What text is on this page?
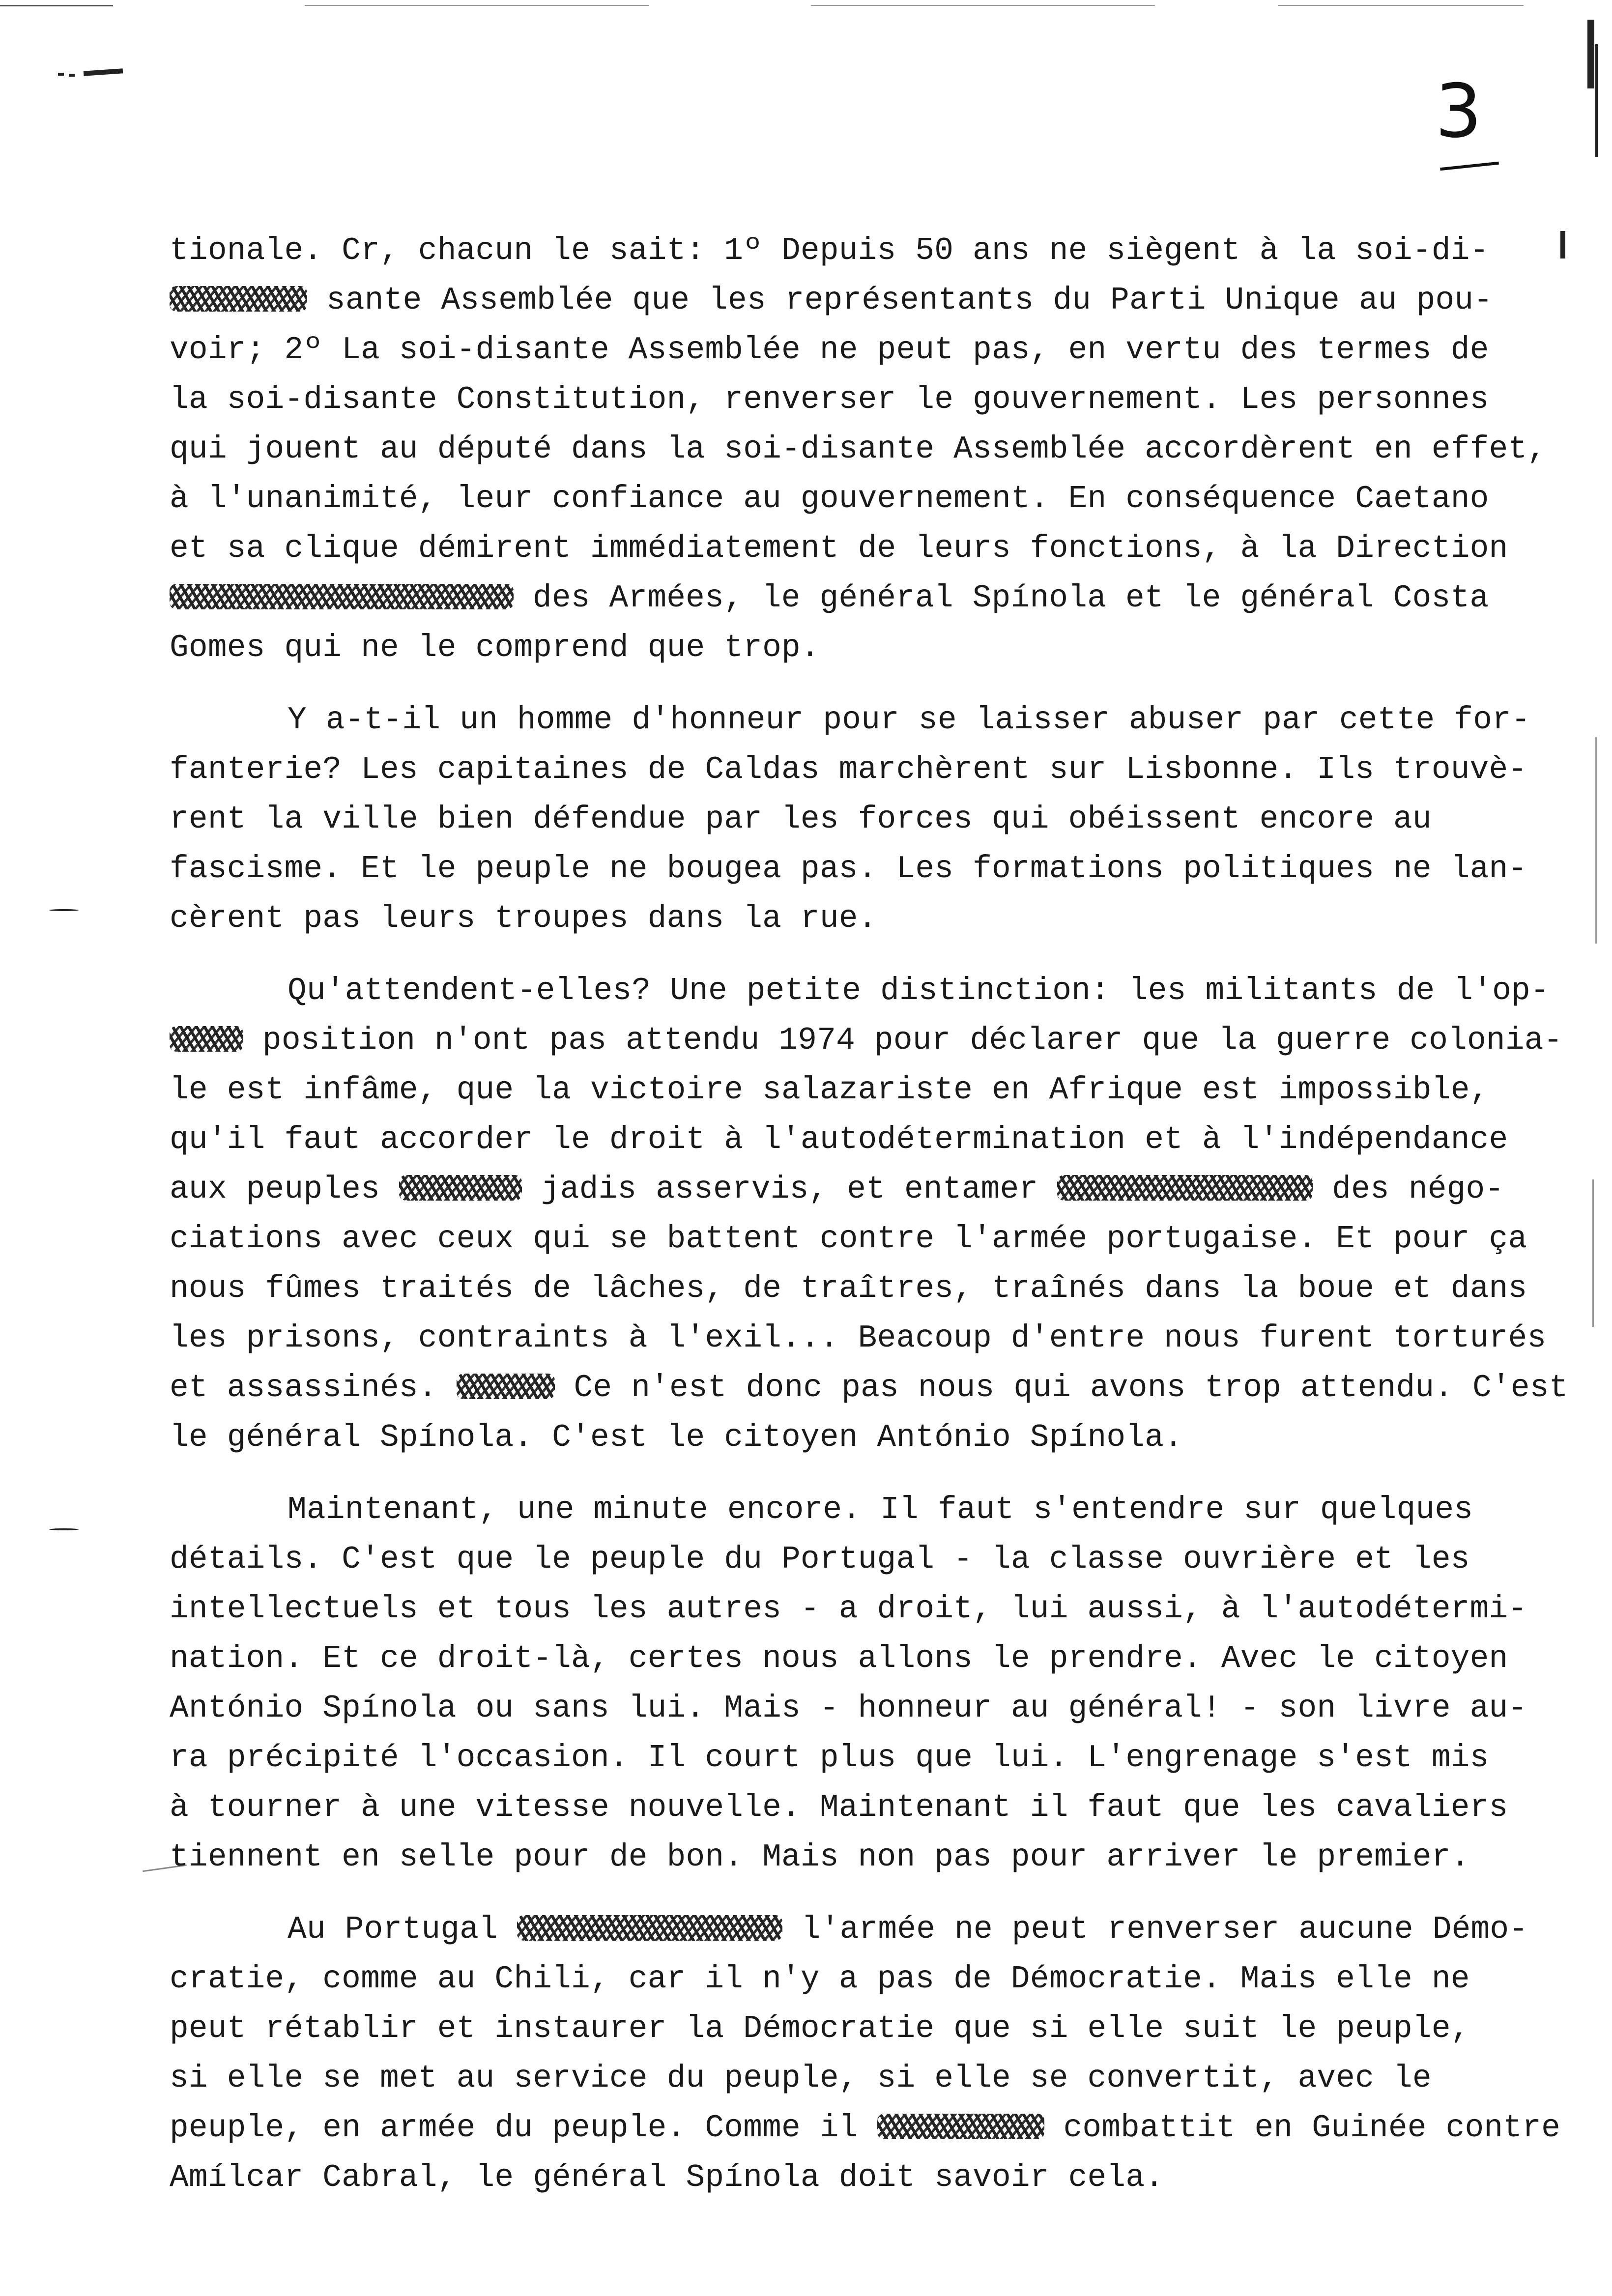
3
tionale. Cr, chacun le sait: 1º Depuis 50 ans ne siègent à la soi-di-
sante Assemblée que les représentants du Parti Unique au pou-
voir; 2º La soi-disante Assemblée ne peut pas, en vertu des termes de
la soi-disante Constitution, renverser le gouvernement. Les personnes
qui jouent au député dans la soi-disante Assemblée accordèrent en effet,
à l'unanimité, leur confiance au gouvernement. En conséquence Caetano
et sa clique démirent immédiatement de leurs fonctions, à la Direction
des Armées, le général Spínola et le général Costa
Gomes qui ne le comprend que trop.
Y a-t-il un homme d'honneur pour se laisser abuser par cette for-
fanterie? Les capitaines de Caldas marchèrent sur Lisbonne. Ils trouvè-
rent la ville bien défendue par les forces qui obéissent encore au
fascisme. Et le peuple ne bougea pas. Les formations politiques ne lan-
cèrent pas leurs troupes dans la rue.
Qu'attendent-elles? Une petite distinction: les militants de l'op-
position n'ont pas attendu 1974 pour déclarer que la guerre colonia-
le est infâme, que la victoire salazariste en Afrique est impossible,
qu'il faut accorder le droit à l'autodétermination et à l'indépendance
aux peuples	jadis asservis, et entamer	des négo-
ciations avec ceux qui se battent contre l'armée portugaise. Et pour ça
nous fûmes traités de lâches, de traîtres, traînés dans la boue et dans
les prisons, contraints à l'exil... Beacoup d'entre nous furent torturés
et assassinés.	Ce n'est donc pas nous qui avons trop attendu. C'est
le général Spínola. C'est le citoyen António Spínola.
Maintenant, une minute encore. Il faut s'entendre sur quelques
détails. C'est que le peuple du Portugal - la classe ouvrière et les
intellectuels et tous les autres - a droit, lui aussi, à l'autodétermi-
nation. Et ce droit-là, certes nous allons le prendre. Avec le citoyen
António Spínola ou sans lui. Mais - honneur au général! - son livre au-
ra précipité l'occasion. Il court plus que lui. L'engrenage s'est mis
à tourner à une vitesse nouvelle. Maintenant il faut que les cavaliers
tiennent en selle pour de bon. Mais non pas pour arriver le premier.
Au Portugal	l'armée ne peut renverser aucune Démo-
cratie, comme au Chili, car il n'y a pas de Démocratie. Mais elle ne
peut rétablir et instaurer la Démocratie que si elle suit le peuple,
si elle se met au service du peuple, si elle se convertit, avec le
peuple, en armée du peuple. Comme il	combattit en Guinée contre
Amílcar Cabral, le général Spínola doit savoir cela.
